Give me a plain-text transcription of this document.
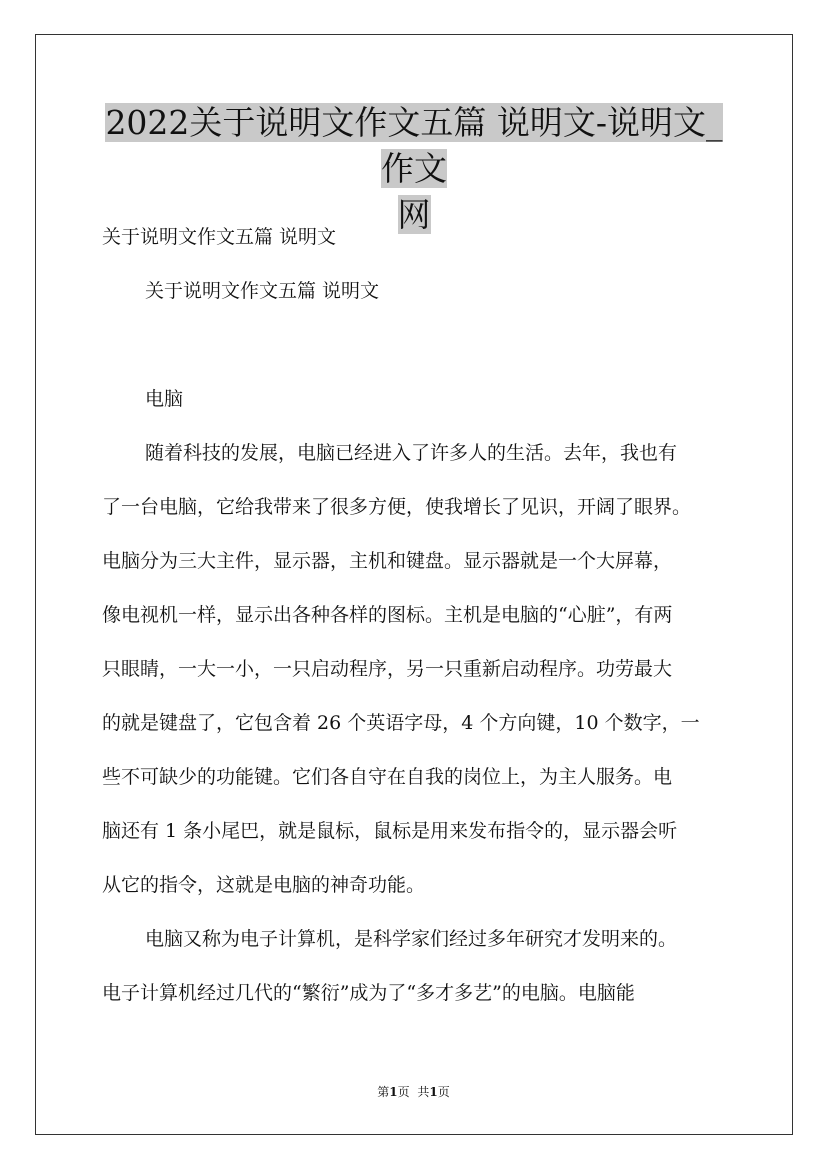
2022关于说明文作文五篇 说明文-说明文_作文
网

关于说明文作文五篇 说明文

关于说明文作文五篇 说明文

电脑

随着科技的发展，电脑已经进入了许多人的生活。去年，我也有

了一台电脑，它给我带来了很多方便，使我增长了见识，开阔了眼界。

电脑分为三大主件，显示器，主机和键盘。显示器就是一个大屏幕，

像电视机一样，显示出各种各样的图标。主机是电脑的“心脏”，有两

只眼睛，一大一小，一只启动程序，另一只重新启动程序。功劳最大

的就是键盘了，它包含着 26 个英语字母，4 个方向键，10 个数字，一

些不可缺少的功能键。它们各自守在自我的岗位上，为主人服务。电

脑还有 1 条小尾巴，就是鼠标，鼠标是用来发布指令的，显示器会听

从它的指令，这就是电脑的神奇功能。

电脑又称为电子计算机，是科学家们经过多年研究才发明来的。

电子计算机经过几代的“繁衍”成为了“多才多艺”的电脑。电脑能

第1页 共1页
